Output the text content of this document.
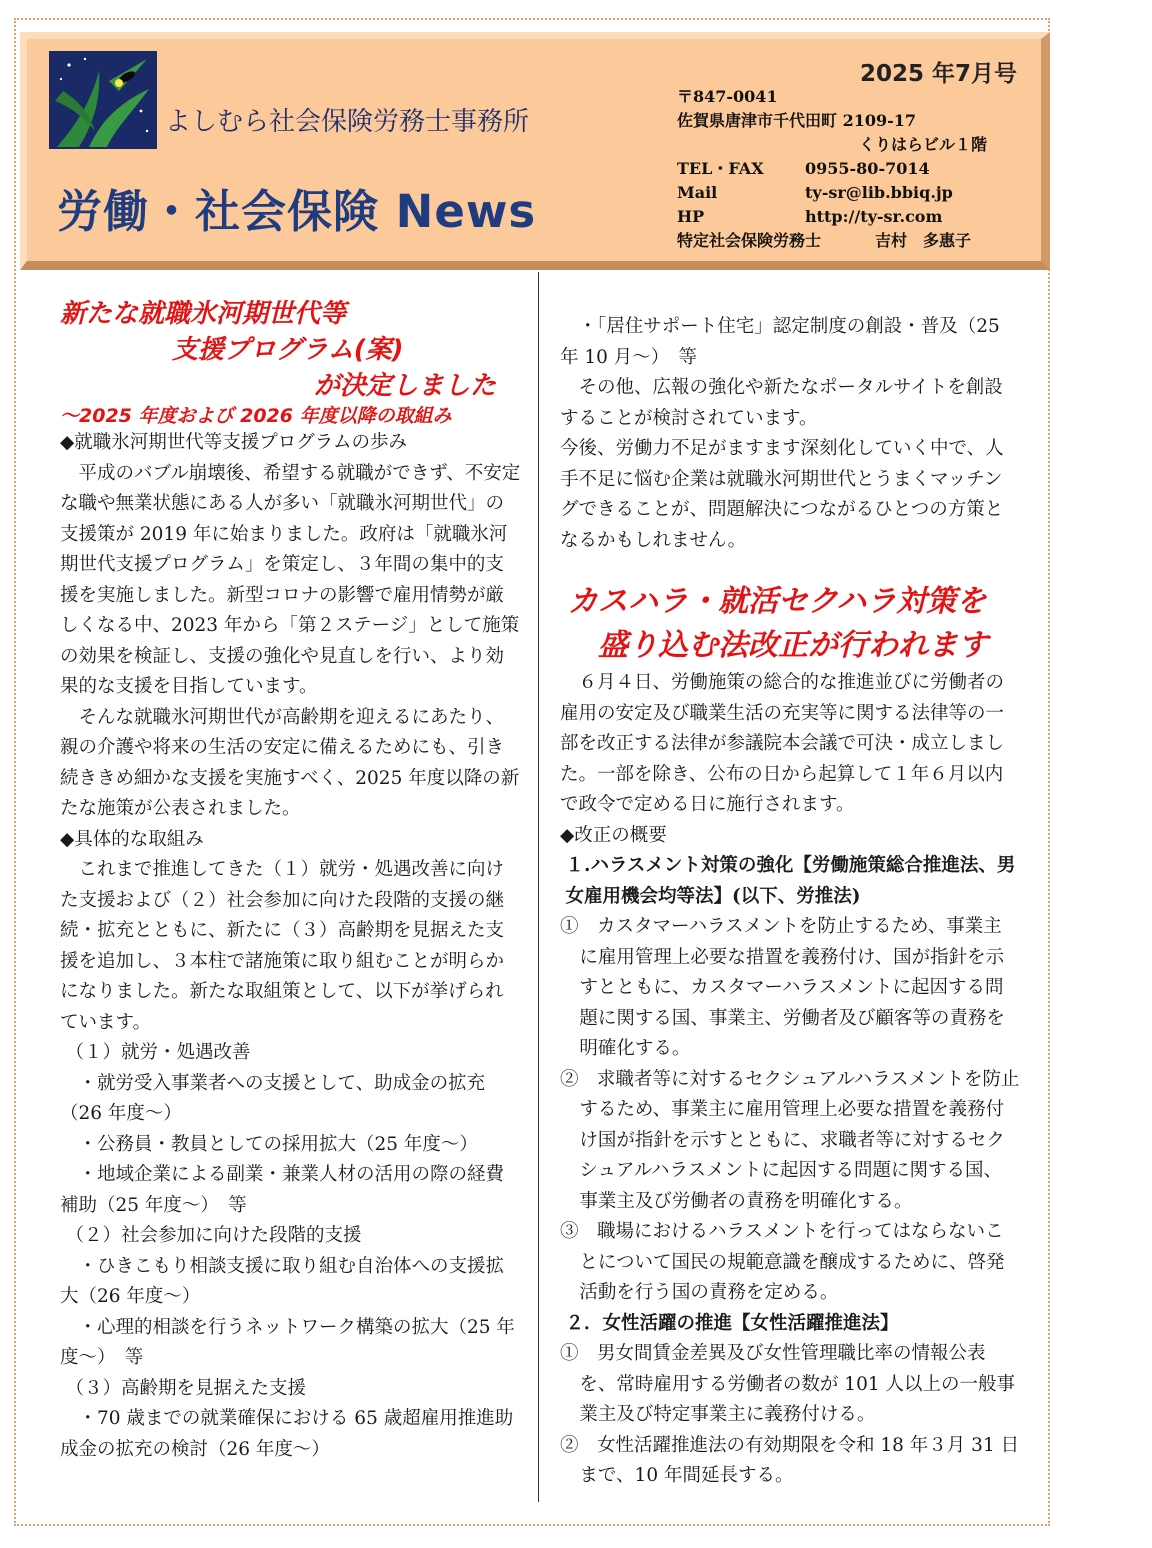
よしむら社会保険労務士事務所
労働・社会保険 News
2025 年7月号
〒847-0041
佐賀県唐津市千代田町 2109-17
くりはらビル１階
TEL・FAX	0955-80-7014
Mail	ty-sr@lib.bbiq.jp
HP	http://ty-sr.com
特定社会保険労務士	吉村　多惠子

新たな就職氷河期世代等

支援プログラム(案)

が決定しました

～2025 年度および 2026 年度以降の取組み

◆就職氷河期世代等支援プログラムの歩み

平成のバブル崩壊後、希望する就職ができず、不安定な職や無業状態にある人が多い「就職氷河期世代」の支援策が 2019 年に始まりました。政府は「就職氷河期世代支援プログラム」を策定し、３年間の集中的支援を実施しました。新型コロナの影響で雇用情勢が厳しくなる中、2023 年から「第２ステージ」として施策の効果を検証し、支援の強化や見直しを行い、より効果的な支援を目指しています。

そんな就職氷河期世代が高齢期を迎えるにあたり、親の介護や将来の生活の安定に備えるためにも、引き続ききめ細かな支援を実施すべく、2025 年度以降の新たな施策が公表されました。

◆具体的な取組み

これまで推進してきた（１）就労・処遇改善に向けた支援および（２）社会参加に向けた段階的支援の継続・拡充とともに、新たに（３）高齢期を見据えた支援を追加し、３本柱で諸施策に取り組むことが明らかになりました。新たな取組策として、以下が挙げられています。

（１）就労・処遇改善

・就労受入事業者への支援として、助成金の拡充（26 年度～）

・公務員・教員としての採用拡大（25 年度～）

・地域企業による副業・兼業人材の活用の際の経費補助（25 年度～）　等

（２）社会参加に向けた段階的支援

・ひきこもり相談支援に取り組む自治体への支援拡大（26 年度～）

・心理的相談を行うネットワーク構築の拡大（25 年度～）　等

（３）高齢期を見据えた支援

・70 歳までの就業確保における 65 歳超雇用推進助成金の拡充の検討（26 年度～）

・「居住サポート住宅」認定制度の創設・普及（25 年 10 月～）　等

その他、広報の強化や新たなポータルサイトを創設することが検討されています。

今後、労働力不足がますます深刻化していく中で、人手不足に悩む企業は就職氷河期世代とうまくマッチングできることが、問題解決につながるひとつの方策となるかもしれません。

カスハラ・就活セクハラ対策を

盛り込む法改正が行われます

６月４日、労働施策の総合的な推進並びに労働者の雇用の安定及び職業生活の充実等に関する法律等の一部を改正する法律が参議院本会議で可決・成立しました。一部を除き、公布の日から起算して１年６月以内で政令で定める日に施行されます。

◆改正の概要

１.ハラスメント対策の強化【労働施策総合推進法、男女雇用機会均等法】(以下、労推法)

①　カスタマーハラスメントを防止するため、事業主に雇用管理上必要な措置を義務付け、国が指針を示すとともに、カスタマーハラスメントに起因する問題に関する国、事業主、労働者及び顧客等の責務を明確化する。

②　求職者等に対するセクシュアルハラスメントを防止するため、事業主に雇用管理上必要な措置を義務付け国が指針を示すとともに、求職者等に対するセクシュアルハラスメントに起因する問題に関する国、事業主及び労働者の責務を明確化する。

③　職場におけるハラスメントを行ってはならないことについて国民の規範意識を醸成するために、啓発活動を行う国の責務を定める。

２．女性活躍の推進【女性活躍推進法】

①　男女間賃金差異及び女性管理職比率の情報公表を、常時雇用する労働者の数が 101 人以上の一般事業主及び特定事業主に義務付ける。

②　女性活躍推進法の有効期限を令和 18 年３月 31 日まで、10 年間延長する。
